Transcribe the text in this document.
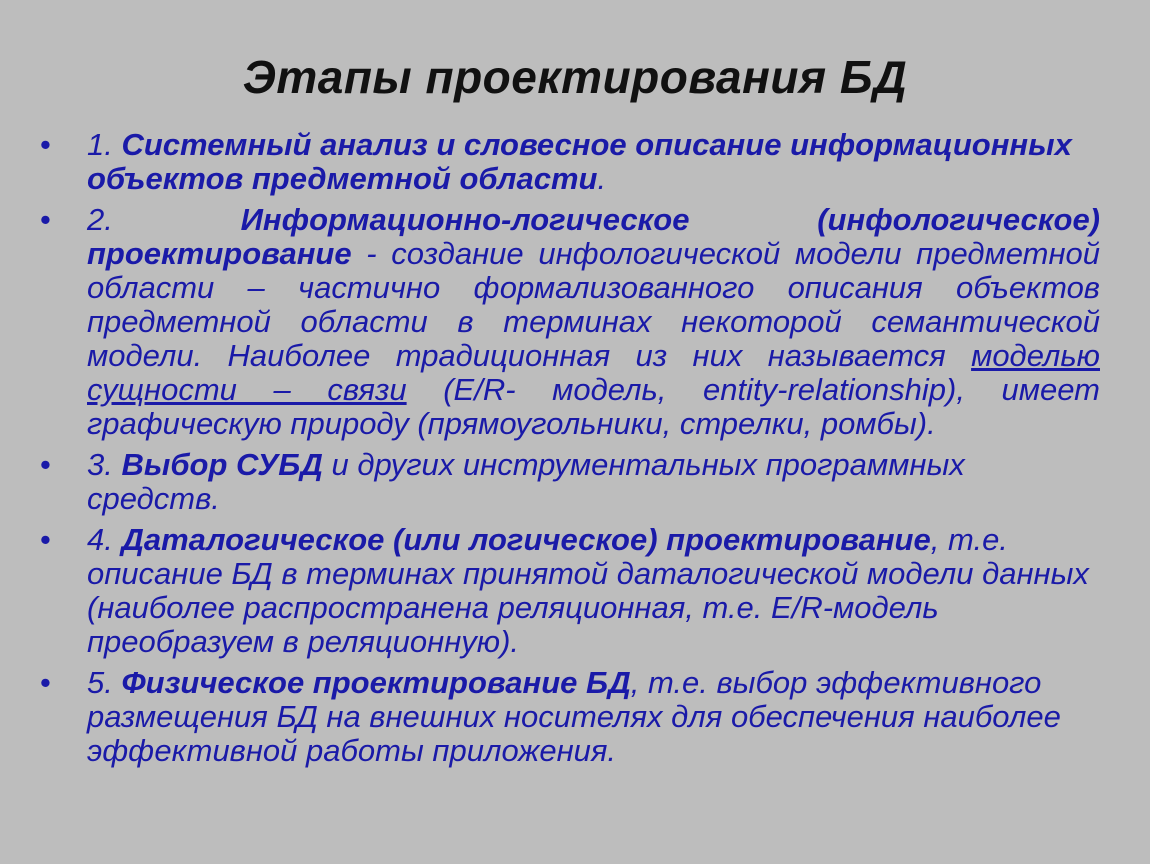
Этапы проектирования БД
• 1. Системный анализ и словесное описание информационных объектов предметной области.
• 2. Информационно-логическое (инфологическое) проектирование - создание инфологической модели предметной области – частично формализованного описания объектов предметной области в терминах некоторой семантической модели. Наиболее традиционная из них называется моделью сущности – связи (E/R- модель, entity-relationship), имеет графическую природу (прямоугольники, стрелки, ромбы).
• 3. Выбор СУБД и других инструментальных программных средств.
• 4. Даталогическое (или логическое) проектирование, т.е. описание БД в терминах принятой даталогической модели данных (наиболее распространена реляционная, т.е. E/R-модель преобразуем в реляционную).
• 5. Физическое проектирование БД, т.е. выбор эффективного размещения БД на внешних носителях для обеспечения наиболее эффективной работы приложения.
